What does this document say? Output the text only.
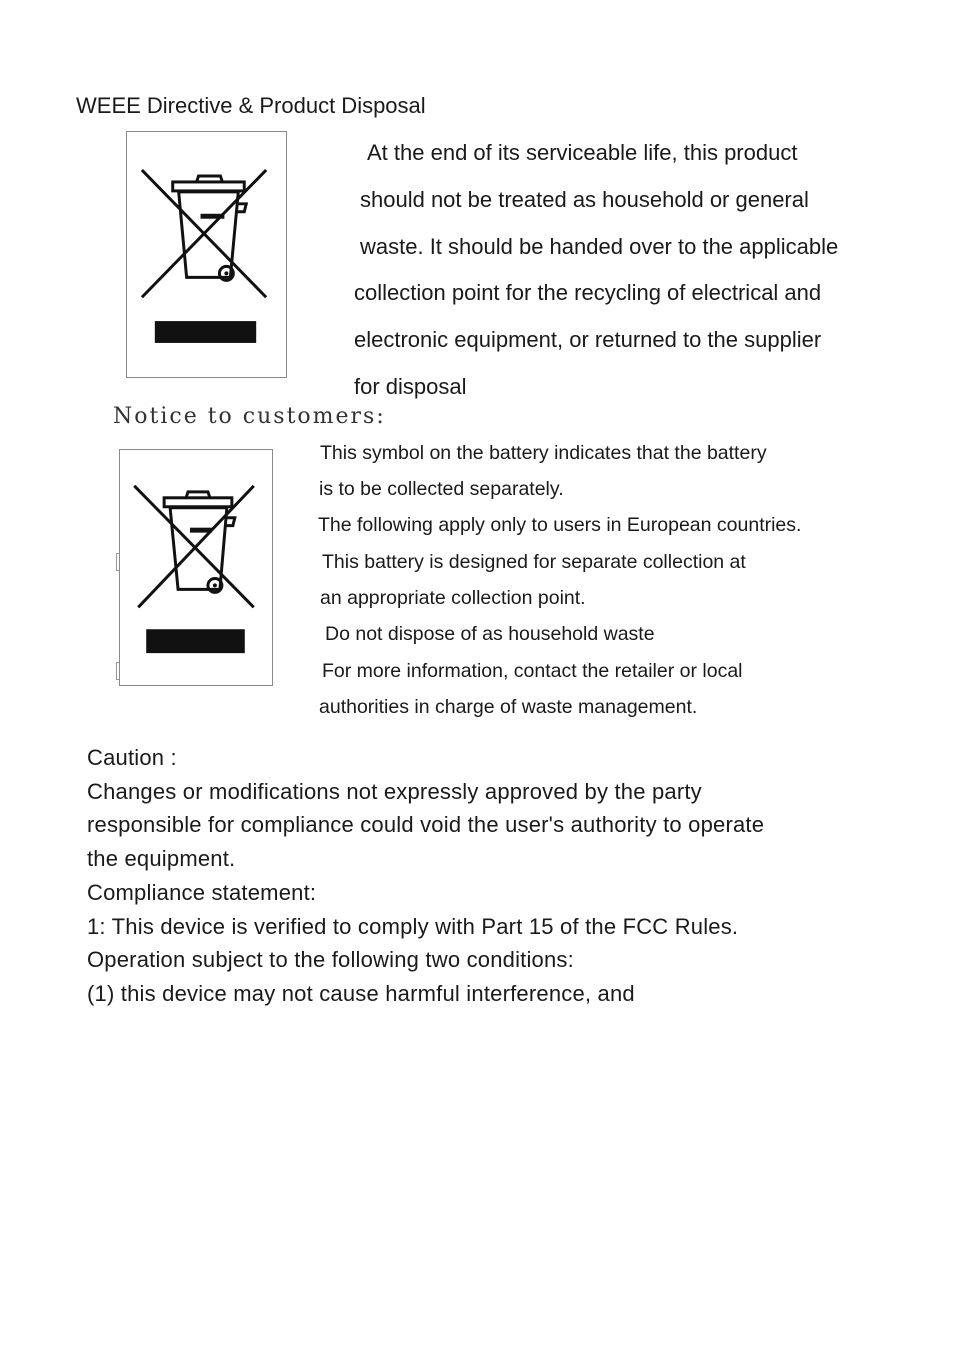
WEEE Directive & Product Disposal
At the end of its serviceable life, this product
should not be treated as household or general
waste. It should be handed over to the applicable
collection point for the recycling of electrical and
electronic equipment, or returned to the supplier
for disposal
Notice to customers:
This symbol on the battery indicates that the battery
is to be collected separately.
The following apply only to users in European countries.
This battery is designed for separate collection at
an appropriate collection point.
Do not dispose of as household waste
For more information, contact the retailer or local
authorities in charge of waste management.
Caution :
Changes or modifications not expressly approved by the party
responsible for compliance could void the user's authority to operate
the equipment.
Compliance statement:
1: This device is verified to comply with Part 15 of the FCC Rules.
Operation subject to the following two conditions:
(1) this device may not cause harmful interference, and
